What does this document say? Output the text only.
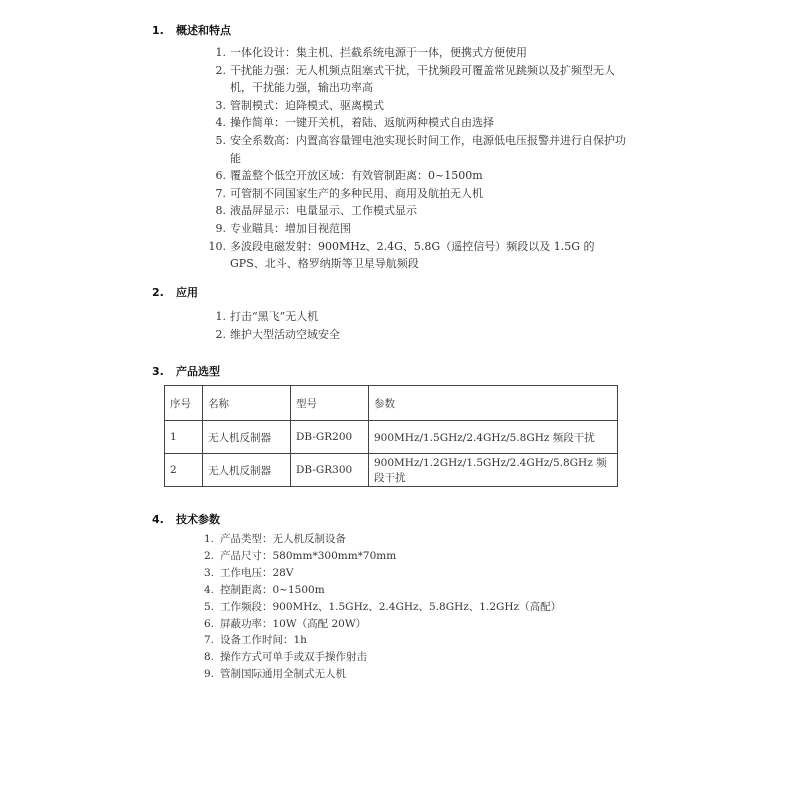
1. 概述和特点
1. 一体化设计：集主机、拦截系统电源于一体，便携式方便使用
2. 干扰能力强：无人机频点阻塞式干扰，干扰频段可覆盖常见跳频以及扩频型无人机，干扰能力强，输出功率高
3. 管制模式：迫降模式、驱离模式
4. 操作简单：一键开关机，着陆、返航两种模式自由选择
5. 安全系数高：内置高容量锂电池实现长时间工作，电源低电压报警并进行自保护功能
6. 覆盖整个低空开放区域：有效管制距离：0~1500m
7. 可管制不同国家生产的多种民用、商用及航拍无人机
8. 液晶屏显示：电量显示、工作模式显示
9. 专业瞄具：增加目视范围
10. 多波段电磁发射：900MHz、2.4G、5.8G（遥控信号）频段以及 1.5G 的 GPS、北斗、格罗纳斯等卫星导航频段
2. 应用
1. 打击“黑飞”无人机
2. 维护大型活动空域安全
3. 产品选型
序号	名称	型号	参数
1	无人机反制器	DB-GR200	900MHz/1.5GHz/2.4GHz/5.8GHz 频段干扰
2	无人机反制器	DB-GR300	900MHz/1.2GHz/1.5GHz/2.4GHz/5.8GHz 频段干扰
4. 技术参数
1. 产品类型：无人机反制设备
2. 产品尺寸：580mm*300mm*70mm
3. 工作电压：28V
4. 控制距离：0~1500m
5. 工作频段：900MHz、1.5GHz、2.4GHz、5.8GHz、1.2GHz（高配）
6. 屏蔽功率：10W（高配 20W）
7. 设备工作时间：1h
8. 操作方式可单手或双手操作射击
9. 管制国际通用全制式无人机
